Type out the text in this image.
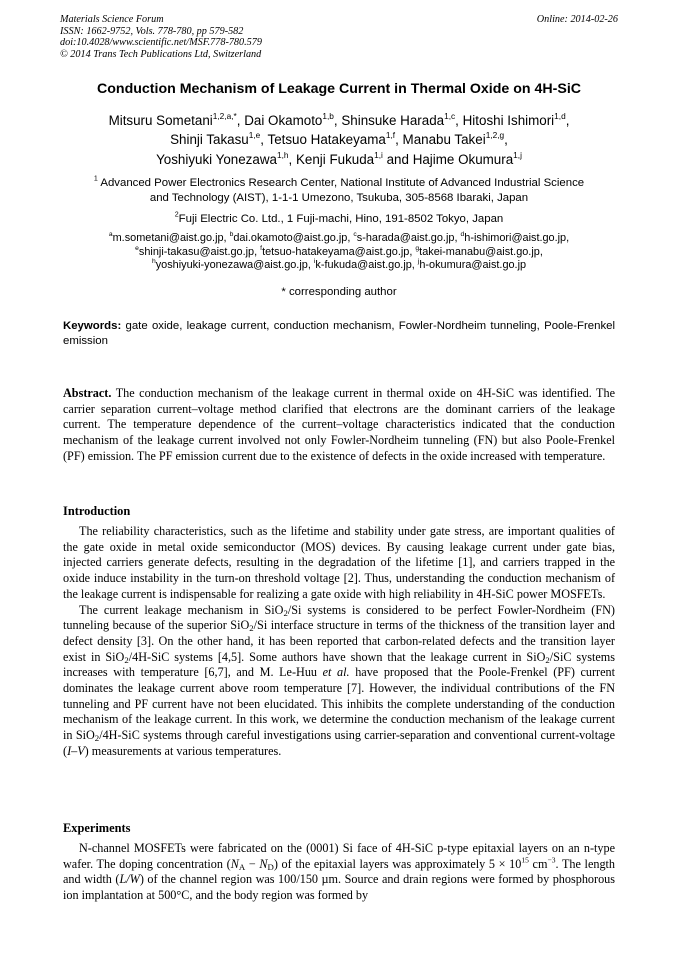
Materials Science Forum
ISSN: 1662-9752, Vols. 778-780, pp 579-582
doi:10.4028/www.scientific.net/MSF.778-780.579
© 2014 Trans Tech Publications Ltd, Switzerland
Online: 2014-02-26
Conduction Mechanism of Leakage Current in Thermal Oxide on 4H-SiC
Mitsuru Sometani$^{1,2,a,*}$, Dai Okamoto$^{1,b}$, Shinsuke Harada$^{1,c}$, Hitoshi Ishimori$^{1,d}$,
Shinji Takasu$^{1,e}$, Tetsuo Hatakeyama$^{1,f}$, Manabu Takei$^{1,2,g}$,
Yoshiyuki Yonezawa$^{1,h}$, Kenji Fukuda$^{1,i}$ and Hajime Okumura$^{1,j}$
$^1$ Advanced Power Electronics Research Center, National Institute of Advanced Industrial Science
and Technology (AIST), 1-1-1 Umezono, Tsukuba, 305-8568 Ibaraki, Japan
$^2$Fuji Electric Co. Ltd., 1 Fuji-machi, Hino, 191-8502 Tokyo, Japan
$^a$m.sometani@aist.go.jp, $^b$dai.okamoto@aist.go.jp, $^c$s-harada@aist.go.jp, $^d$h-ishimori@aist.go.jp,
$^e$shinji-takasu@aist.go.jp, $^f$tetsuo-hatakeyama@aist.go.jp, $^g$takei-manabu@aist.go.jp,
$^h$yoshiyuki-yonezawa@aist.go.jp, $^i$k-fukuda@aist.go.jp, $^j$h-okumura@aist.go.jp
* corresponding author
Keywords: gate oxide, leakage current, conduction mechanism, Fowler-Nordheim tunneling, Poole-Frenkel emission

Abstract. The conduction mechanism of the leakage current in thermal oxide on 4H-SiC was identified. The carrier separation current–voltage method clarified that electrons are the dominant carriers of the leakage current. The temperature dependence of the current–voltage characteristics indicated that the conduction mechanism of the leakage current involved not only Fowler-Nordheim tunneling (FN) but also Poole-Frenkel (PF) emission. The PF emission current due to the existence of defects in the oxide increased with temperature.

Introduction

The reliability characteristics, such as the lifetime and stability under gate stress, are important qualities of the gate oxide in metal oxide semiconductor (MOS) devices. By causing leakage current under gate bias, injected carriers generate defects, resulting in the degradation of the lifetime [1], and carriers trapped in the oxide induce instability in the turn-on threshold voltage [2]. Thus, understanding the conduction mechanism of the leakage current is indispensable for realizing a gate oxide with high reliability in 4H-SiC power MOSFETs.

The current leakage mechanism in SiO$_2$/Si systems is considered to be perfect Fowler-Nordheim (FN) tunneling because of the superior SiO$_2$/Si interface structure in terms of the thickness of the transition layer and defect density [3]. On the other hand, it has been reported that carbon-related defects and the transition layer exist in SiO$_2$/4H-SiC systems [4,5]. Some authors have shown that the leakage current in SiO$_2$/SiC systems increases with temperature [6,7], and M. Le-Huu et al. have proposed that the Poole-Frenkel (PF) current dominates the leakage current above room temperature [7]. However, the individual contributions of the FN tunneling and PF current have not been elucidated. This inhibits the complete understanding of the conduction mechanism of the leakage current. In this work, we determine the conduction mechanism of the leakage current in SiO$_2$/4H-SiC systems through careful investigations using carrier-separation and conventional current-voltage (I–V) measurements at various temperatures.

Experiments

N-channel MOSFETs were fabricated on the (0001) Si face of 4H-SiC p-type epitaxial layers on an n-type wafer. The doping concentration $(N_A - N_D)$ of the epitaxial layers was approximately $5 \times 10^{15}$ $cm^{-3}$. The length and width (L/W) of the channel region was 100/150 µm. Source and drain regions were formed by phosphorous ion implantation at 500°C, and the body region was formed by
